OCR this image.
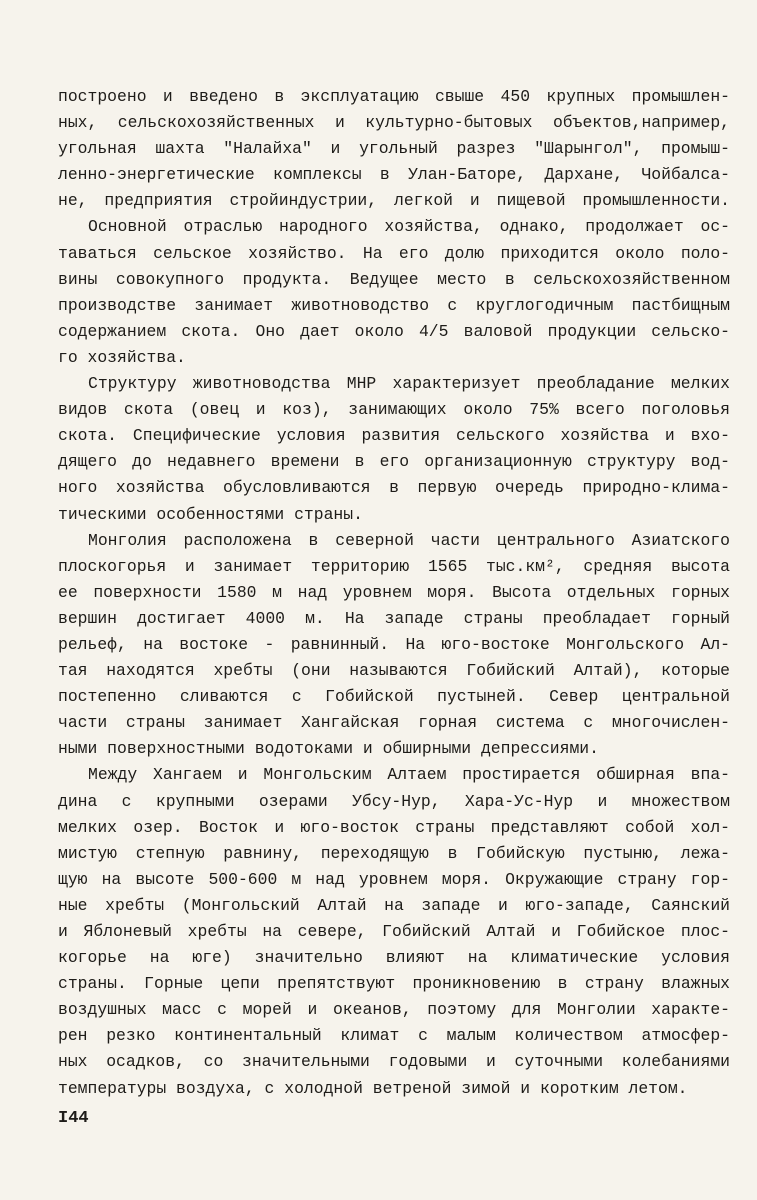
построено и введено в эксплуатацию свыше 450 крупных промышлен-
ных, сельскохозяйственных и культурно-бытовых объектов,например,
угольная шахта "Налайха" и угольный разрез "Шарынгол", промыш-
ленно-энергетические комплексы в Улан-Баторе, Дархане, Чойбалса-
не, предприятия стройиндустрии, легкой и пищевой промышленности.
Основной отраслью народного хозяйства, однако, продолжает ос-
таваться сельское хозяйство. На его долю приходится около поло-
вины совокупного продукта. Ведущее место в сельскохозяйственном
производстве занимает животноводство с круглогодичным пастбищным
содержанием скота. Оно дает около 4/5 валовой продукции сельско-
го хозяйства.
Структуру животноводства МНР характеризует преобладание мелких
видов скота (овец и коз), занимающих около 75% всего поголовья
скота. Специфические условия развития сельского хозяйства и вхо-
дящего до недавнего времени в его организационную структуру вод-
ного хозяйства обусловливаются в первую очередь природно-клима-
тическими особенностями страны.
Монголия расположена в северной части центрального Азиатского
плоскогорья и занимает территорию 1565 тыс.км², средняя высота
ее поверхности 1580 м над уровнем моря. Высота отдельных горных
вершин достигает 4000 м. На западе страны преобладает горный
рельеф, на востоке - равнинный. На юго-востоке Монгольского Ал-
тая находятся хребты (они называются Гобийский Алтай), которые
постепенно сливаются с Гобийской пустыней. Север центральной
части страны занимает Хангайская горная система с многочислен-
ными поверхностными водотоками и обширными депрессиями.
Между Хангаем и Монгольским Алтаем простирается обширная впа-
дина с крупными озерами Убсу-Нур, Хара-Ус-Нур и множеством
мелких озер. Восток и юго-восток страны представляют собой хол-
мистую степную равнину, переходящую в Гобийскую пустыню, лежа-
щую на высоте 500-600 м над уровнем моря. Окружающие страну гор-
ные хребты (Монгольский Алтай на западе и юго-западе, Саянский
и Яблоневый хребты на севере, Гобийский Алтай и Гобийское плос-
когорье на юге) значительно влияют на климатические условия
страны. Горные цепи препятствуют проникновению в страну влажных
воздушных масс с морей и океанов, поэтому для Монголии характе-
рен резко континентальный климат с малым количеством атмосфер-
ных осадков, со значительными годовыми и суточными колебаниями
температуры воздуха, с холодной ветреной зимой и коротким летом.
I44
